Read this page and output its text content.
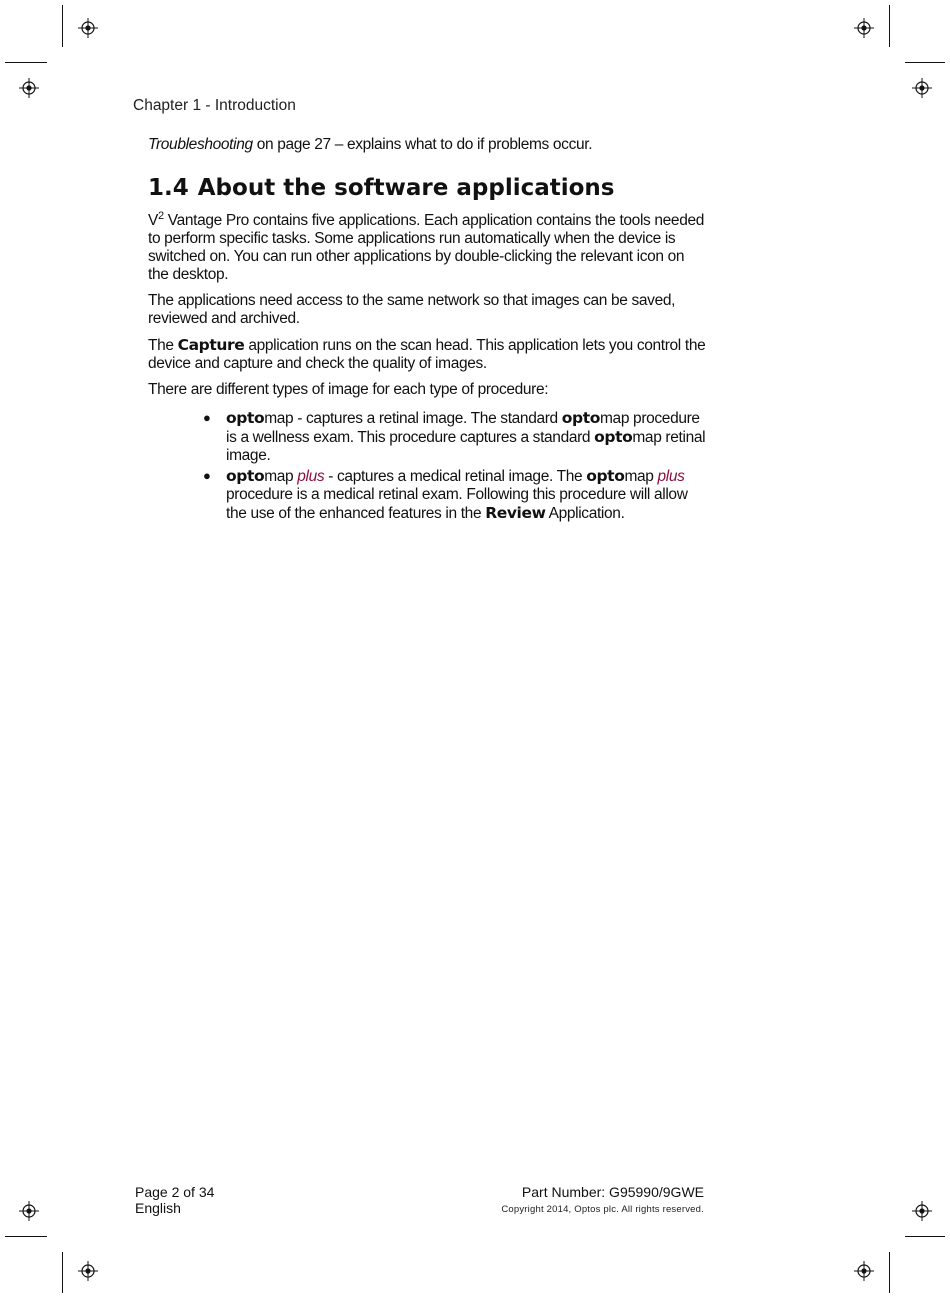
Chapter 1 - Introduction

Troubleshooting on page 27 – explains what to do if problems occur.

1.4 About the software applications

$V^2$ Vantage Pro contains five applications. Each application contains the tools needed to perform specific tasks. Some applications run automatically when the device is switched on. You can run other applications by double-clicking the relevant icon on the desktop.

The applications need access to the same network so that images can be saved, reviewed and archived.

The Capture application runs on the scan head. This application lets you control the device and capture and check the quality of images.

There are different types of image for each type of procedure:

● optomap - captures a retinal image. The standard optomap procedure is a wellness exam. This procedure captures a standard optomap retinal image.
● optomap plus - captures a medical retinal image. The optomap plus procedure is a medical retinal exam. Following this procedure will allow the use of the enhanced features in the Review Application.
Page 2 of 34
English
Part Number: G95990/9GWE
Copyright 2014, Optos plc. All rights reserved.
